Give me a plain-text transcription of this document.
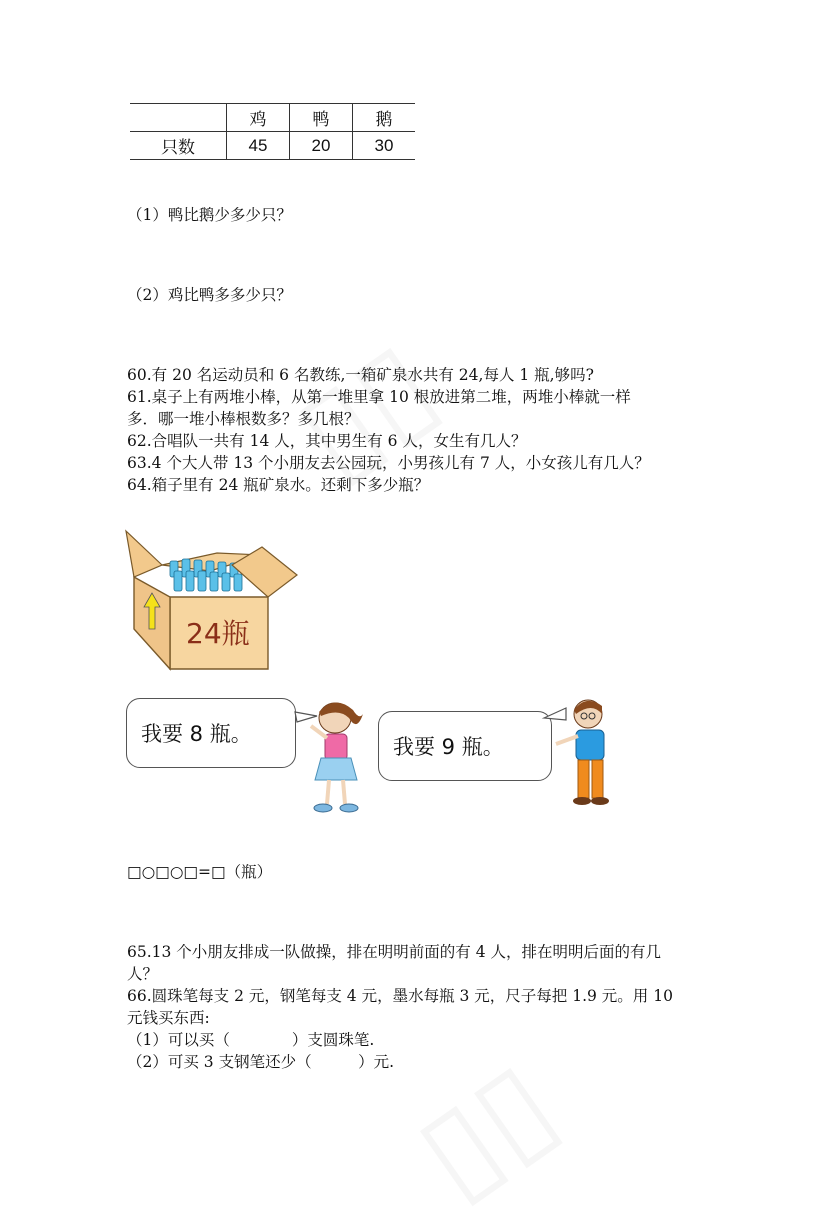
	鸡	鸭	鹅
只数	45	20	30
（1）鸭比鹅少多少只？
（2）鸡比鸭多多少只？
60.有 20 名运动员和 6 名教练,一箱矿泉水共有 24,每人 1 瓶,够吗?
61.桌子上有两堆小棒，从第一堆里拿 10 根放进第二堆，两堆小棒就一样
多．哪一堆小棒根数多？多几根？
62.合唱队一共有 14 人，其中男生有 6 人，女生有几人？
63.4 个大人带 13 个小朋友去公园玩，小男孩儿有 7 人，小女孩儿有几人？
64.箱子里有 24 瓶矿泉水。还剩下多少瓶？
24瓶
我要 8 瓶。
我要 9 瓶。
□○□○□=□（瓶）
65.13 个小朋友排成一队做操，排在明明前面的有 4 人，排在明明后面的有几
人？
66.圆珠笔每支 2 元，钢笔每支 4 元，墨水每瓶 3 元，尺子每把 1.9 元。用 10
元钱买东西:
（1）可以买（　　　　）支圆珠笔.
（2）可买 3 支钢笔还少（　　　）元.
